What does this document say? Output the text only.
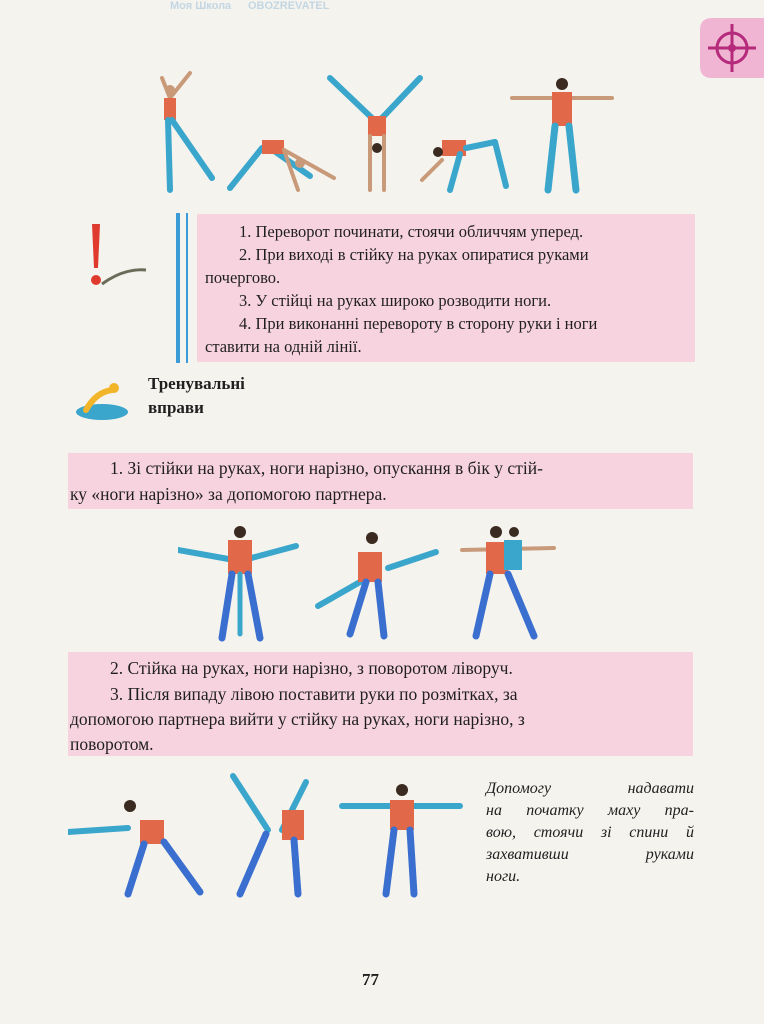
1. Переворот починати, стоячи обличчям уперед.
2. При виході в стійку на руках опиратися руками
почергово.
3. У стійці на руках широко розводити ноги.
4. При виконанні перевороту в сторону руки і ноги
ставити на одній лінії.
Тренувальні
вправи
1. Зі стійки на руках, ноги нарізно, опускання в бік у стій-
ку «ноги нарізно» за допомогою партнера.
2. Стійка на руках, ноги нарізно, з поворотом ліворуч.
3. Після випаду лівою поставити руки по розмітках, за
допомогою партнера вийти у стійку на руках, ноги нарізно, з
поворотом.
Допомогу надавати
на початку маху пра-
вою, стоячи зі спини й
захвативши руками
ноги.
77
Моя Школа OBOZREVATEL
